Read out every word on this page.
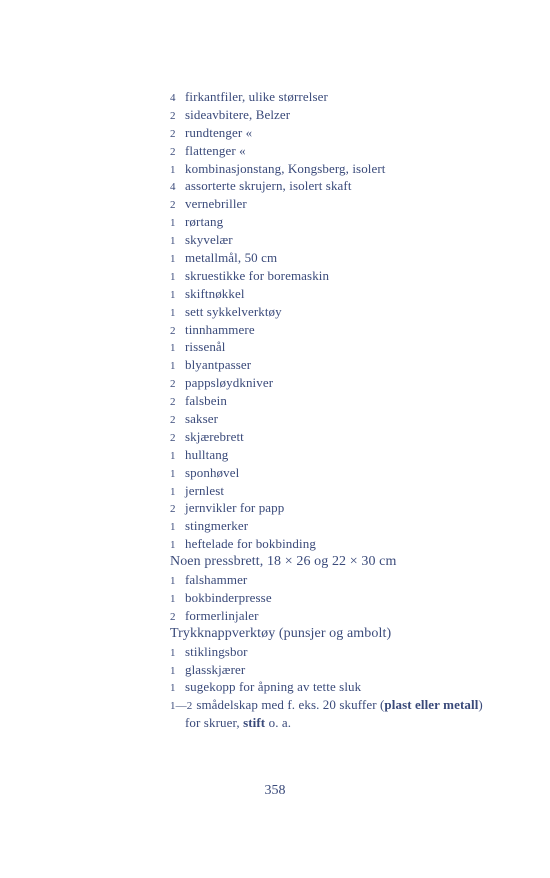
4 firkantfiler, ulike størrelser
2 sideavbitere, Belzer
2 rundtenger «
2 flattenger «
1 kombinasjonstang, Kongsberg, isolert
4 assorterte skrujern, isolert skaft
2 vernebriller
1 rørtang
1 skyvelær
1 metallmål, 50 cm
1 skruestikke for boremaskin
1 skiftnøkkel
1 sett sykkelverktøy
2 tinnhammere
1 rissenål
1 blyantpasser
2 pappsløydkniver
2 falsbein
2 sakser
2 skjærebrett
1 hulltang
1 sponhøvel
1 jernlest
2 jernvikler for papp
1 stingmerker
1 heftelade for bokbinding
Noen pressbrett, 18 × 26 og 22 × 30 cm
1 falshammer
1 bokbinderpresse
2 formerlinjaler
Trykknappverktøy (punsjer og ambolt)
1 stiklingsbor
1 glasskjærer
1 sugekopp for åpning av tette sluk
1—2 smådelskap med f. eks. 20 skuffer (plast eller metall)
for skruer, stift o. a.
358
